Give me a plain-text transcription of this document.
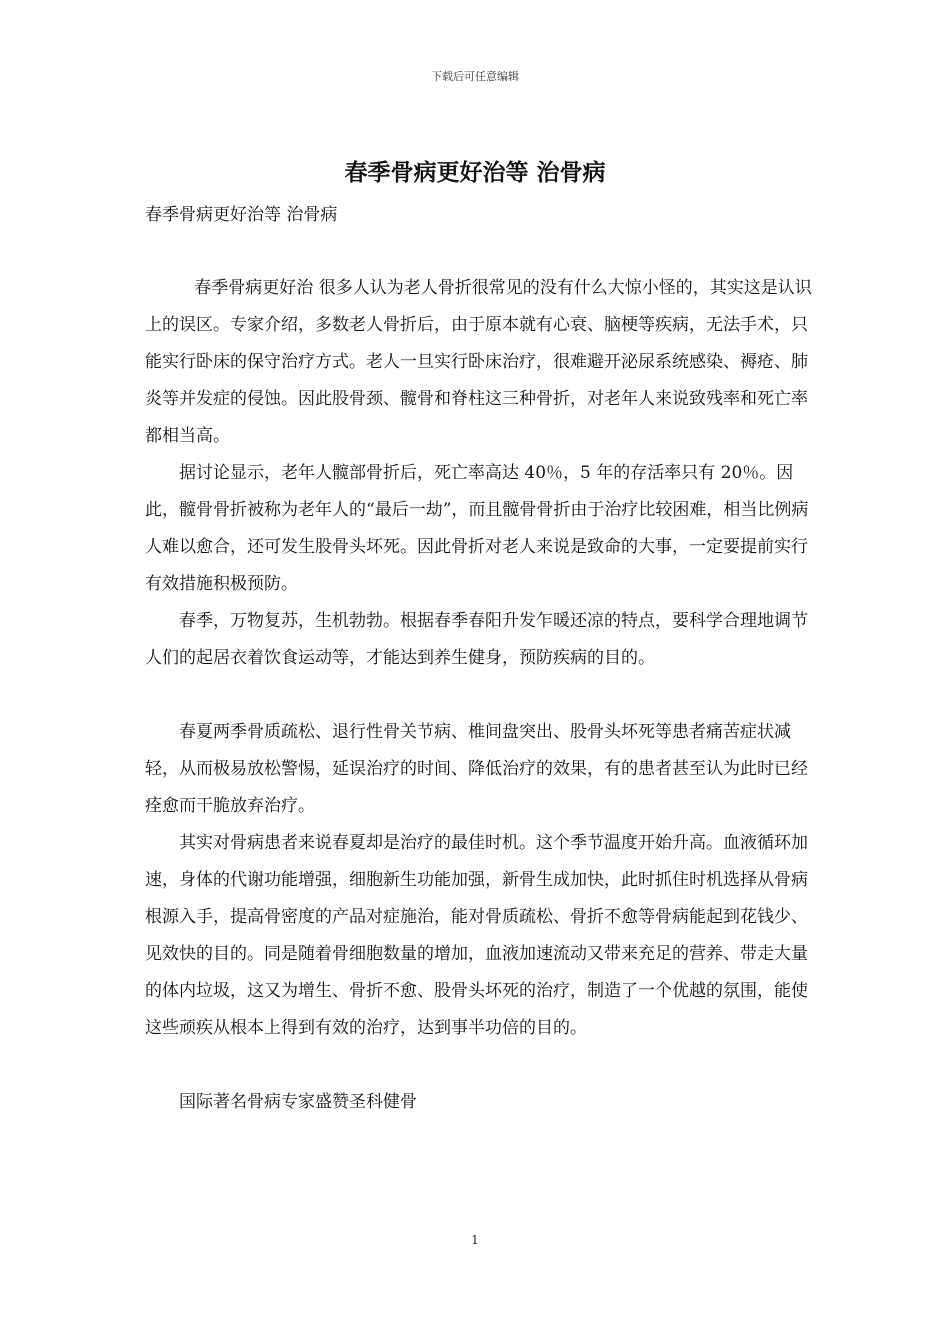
下载后可任意编辑
春季骨病更好治等 治骨病
春季骨病更好治等 治骨病

春季骨病更好治 很多人认为老人骨折很常见的没有什么大惊小怪的，其实这是认识上的误区。专家介绍，多数老人骨折后，由于原本就有心衰、脑梗等疾病，无法手术，只能实行卧床的保守治疗方式。老人一旦实行卧床治疗，很难避开泌尿系统感染、褥疮、肺炎等并发症的侵蚀。因此股骨颈、髋骨和脊柱这三种骨折，对老年人来说致残率和死亡率都相当高。

据讨论显示，老年人髋部骨折后，死亡率高达 40％，5 年的存活率只有 20％。因此，髋骨骨折被称为老年人的“最后一劫”，而且髋骨骨折由于治疗比较困难，相当比例病人难以愈合，还可发生股骨头坏死。因此骨折对老人来说是致命的大事，一定要提前实行有效措施积极预防。

春季，万物复苏，生机勃勃。根据春季春阳升发乍暖还凉的特点，要科学合理地调节人们的起居衣着饮食运动等，才能达到养生健身，预防疾病的目的。

春夏两季骨质疏松、退行性骨关节病、椎间盘突出、股骨头坏死等患者痛苦症状减轻，从而极易放松警惕，延误治疗的时间、降低治疗的效果，有的患者甚至认为此时已经痊愈而干脆放弃治疗。

其实对骨病患者来说春夏却是治疗的最佳时机。这个季节温度开始升高。血液循环加速，身体的代谢功能增强，细胞新生功能加强，新骨生成加快，此时抓住时机选择从骨病根源入手，提高骨密度的产品对症施治，能对骨质疏松、骨折不愈等骨病能起到花钱少、见效快的目的。同是随着骨细胞数量的增加，血液加速流动又带来充足的营养、带走大量的体内垃圾，这又为增生、骨折不愈、股骨头坏死的治疗，制造了一个优越的氛围，能使这些顽疾从根本上得到有效的治疗，达到事半功倍的目的。

国际著名骨病专家盛赞圣科健骨

1
